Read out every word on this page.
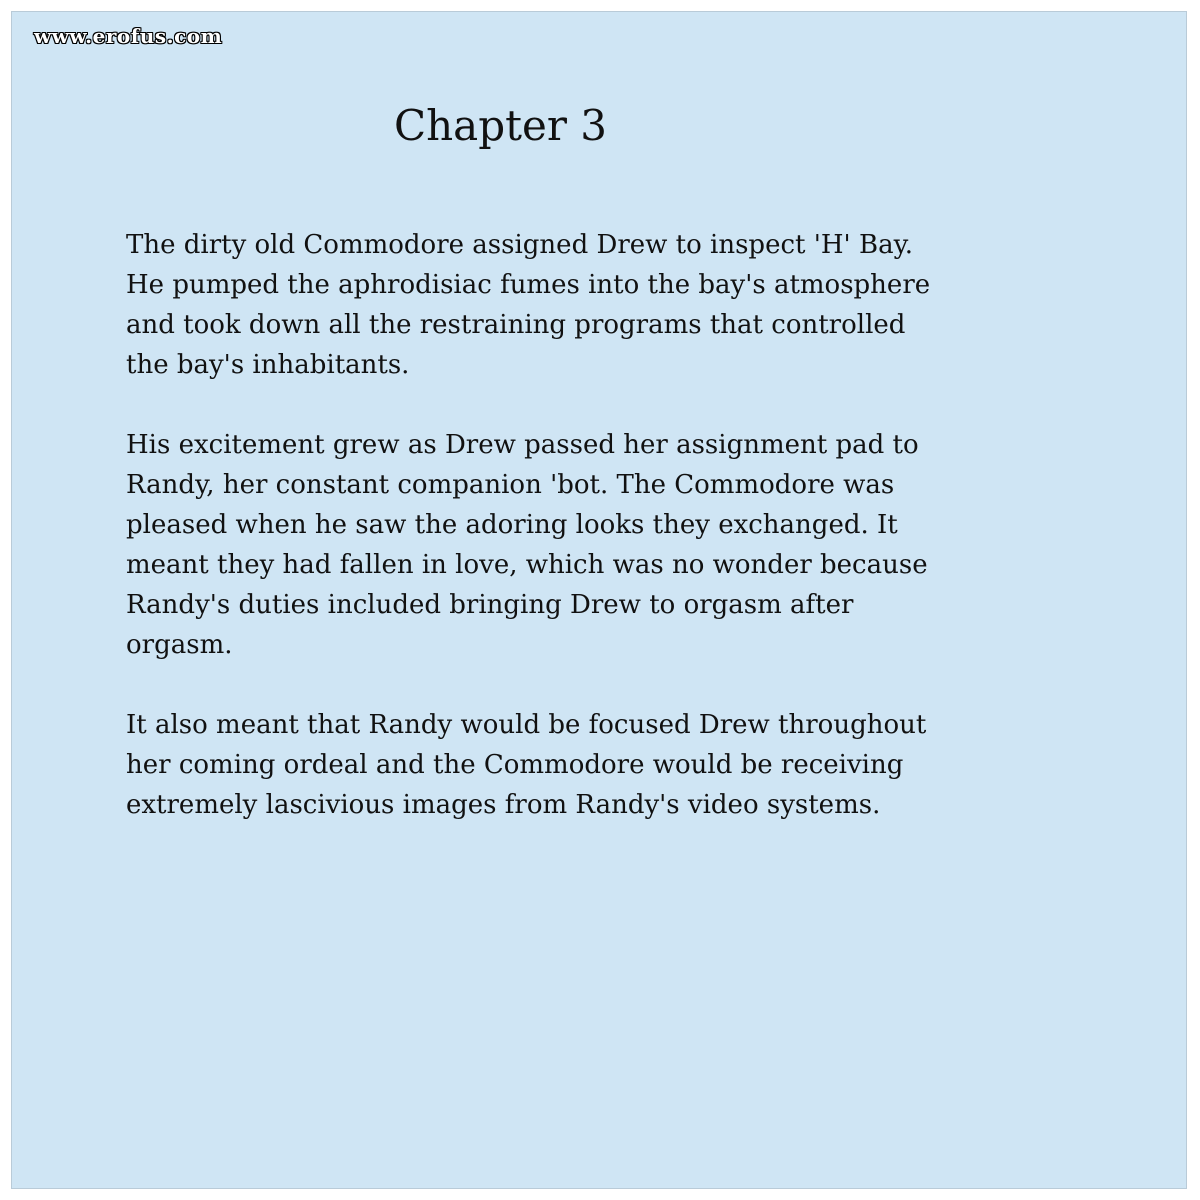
www.erofus.com
Chapter 3
The dirty old Commodore assigned Drew to inspect 'H' Bay.
He pumped the aphrodisiac fumes into the bay's atmosphere
and took down all the restraining programs that controlled
the bay's inhabitants.
His excitement grew as Drew passed her assignment pad to
Randy, her constant companion 'bot. The Commodore was
pleased when he saw the adoring looks they exchanged. It
meant they had fallen in love, which was no wonder because
Randy's duties included bringing Drew to orgasm after
orgasm.
It also meant that Randy would be focused Drew throughout
her coming ordeal and the Commodore would be receiving
extremely lascivious images from Randy's video systems.
